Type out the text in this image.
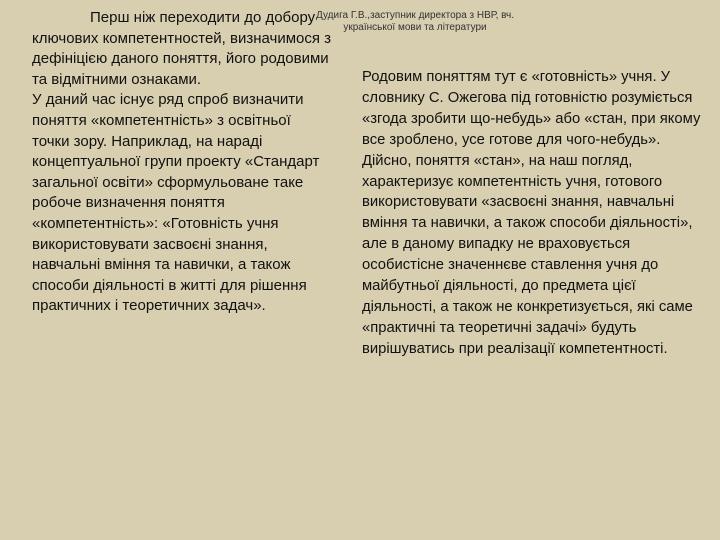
Дудига Г.В.,заступник директора з НВР, вч.
української мови та літератури

Перш ніж переходити до добору ключових компетентностей, визначимося з дефініцією даного поняття, його родовими та відмітними ознаками.

У даний час існує ряд спроб визначити поняття «компетентність» з освітньої точки зору. Наприклад, на нараді концептуальної групи проекту «Стандарт загальної освіти» сформульоване таке робоче визначення поняття «компетентність»: «Готовність учня використовувати засвоєні знання, навчальні вміння та навички, а також способи діяльності в житті для рішення практичних і теоретичних задач».

Родовим поняттям тут є «готовність» учня. У словнику С. Ожегова під готовністю розуміється «згода зробити що-небудь» або «стан, при якому все зроблено, усе готове для чого-небудь». Дійсно, поняття «стан», на наш погляд, характеризує компетентність учня, готового використовувати «засвоєні знання, навчальні вміння та навички, а також способи діяльності», але в даному випадку не враховується особистісне значеннєве ставлення учня до майбутньої діяльності, до предмета цієї діяльності, а також не конкретизується, які саме «практичні та теоретичні задачі» будуть вирішуватись при реалізації компетентності.
